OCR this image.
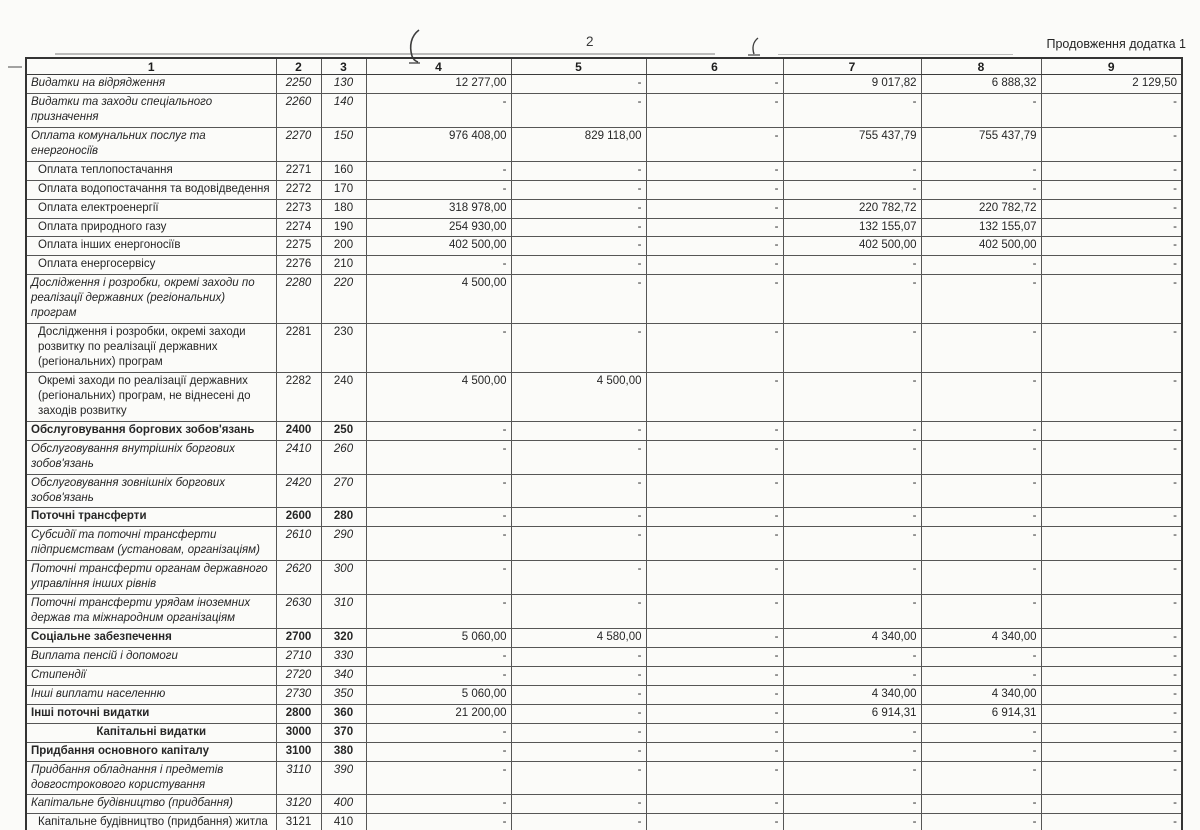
2	Продовження додатка 1
1	2	3	4	5	6	7	8	9
Видатки на відрядження	2250	130	12 277,00	-	-	9 017,82	6 888,32	2 129,50
Видатки та заходи спеціального призначення	2260	140	-	-	-	-	-	-
Оплата комунальних послуг та енергоносіїв	2270	150	976 408,00	829 118,00	-	755 437,79	755 437,79	-
Оплата теплопостачання	2271	160	-	-	-	-	-	-
Оплата водопостачання та водовідведення	2272	170	-	-	-	-	-	-
Оплата електроенергії	2273	180	318 978,00	-	-	220 782,72	220 782,72	-
Оплата природного газу	2274	190	254 930,00	-	-	132 155,07	132 155,07	-
Оплата інших енергоносіїв	2275	200	402 500,00	-	-	402 500,00	402 500,00	-
Оплата енергосервісу	2276	210	-	-	-	-	-	-
Дослідження і розробки, окремі заходи по реалізації державних (регіональних) програм	2280	220	4 500,00	-	-	-	-	-
Дослідження і розробки, окремі заходи розвитку по реалізації державних (регіональних) програм	2281	230	-	-	-	-	-	-
Окремі заходи по реалізації державних (регіональних) програм, не віднесені до заходів розвитку	2282	240	4 500,00	4 500,00	-	-	-	-
Обслуговування боргових зобов'язань	2400	250	-	-	-	-	-	-
Обслуговування внутрішніх боргових зобов'язань	2410	260	-	-	-	-	-	-
Обслуговування зовнішніх боргових зобов'язань	2420	270	-	-	-	-	-	-
Поточні трансферти	2600	280	-	-	-	-	-	-
Субсидії та поточні трансферти підприємствам (установам, організаціям)	2610	290	-	-	-	-	-	-
Поточні трансферти органам державного управління інших рівнів	2620	300	-	-	-	-	-	-
Поточні трансферти урядам іноземних держав та міжнародним організаціям	2630	310	-	-	-	-	-	-
Соціальне забезпечення	2700	320	5 060,00	4 580,00	-	4 340,00	4 340,00	-
Виплата пенсій і допомоги	2710	330	-	-	-	-	-	-
Стипендії	2720	340	-	-	-	-	-	-
Інші виплати населенню	2730	350	5 060,00	-	-	4 340,00	4 340,00	-
Інші поточні видатки	2800	360	21 200,00	-	-	6 914,31	6 914,31	-
Капітальні видатки	3000	370	-	-	-	-	-	-
Придбання основного капіталу	3100	380	-	-	-	-	-	-
Придбання обладнання і предметів довгострокового користування	3110	390	-	-	-	-	-	-
Капітальне будівництво (придбання)	3120	400	-	-	-	-	-	-
Капітальне будівництво (придбання) житла	3121	410	-	-	-	-	-	-
